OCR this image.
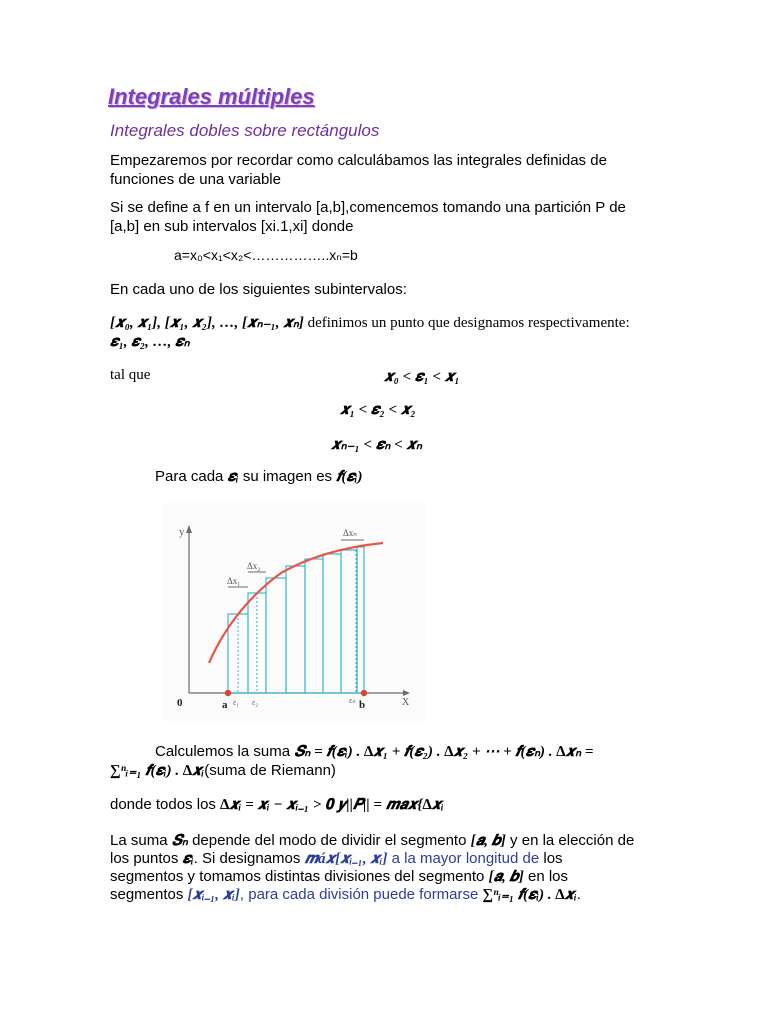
Integrales múltiples
Integrales dobles sobre rectángulos
Empezaremos por recordar como calculábamos las integrales definidas de
funciones de una variable
Si se define a f en un intervalo [a,b],comencemos tomando una partición P de
[a,b] en sub intervalos [xi.1,xi] donde
a=x₀<x₁<x₂<……………..xₙ=b
En cada uno de los siguientes subintervalos:
[𝒙₀, 𝒙₁], [𝒙₁, 𝒙₂], …, [𝒙ₙ₋₁, 𝒙ₙ] definimos un punto que designamos respectivamente:
𝜺₁, 𝜺₂, …, 𝜺ₙ
tal que	𝒙₀ < 𝜺₁ < 𝒙₁
𝒙₁ < 𝜺₂ < 𝒙₂
𝒙ₙ₋₁ < 𝜺ₙ < 𝒙ₙ
Para cada 𝜺ᵢ su imagen es 𝒇(𝜺ᵢ)
y
X
0	a	b
ε₁ ε₂	εₙ
Δx₁
Δx₂
Δxₙ
Calculemos la suma 𝑺ₙ = 𝒇(𝜺ᵢ) . ∆𝒙₁ + 𝒇(𝜺₂) . ∆𝒙₂ + ⋯ + 𝒇(𝜺ₙ) . ∆𝒙ₙ =
∑ⁿᵢ₌₁ 𝒇(𝜺ᵢ) . ∆𝒙ᵢ(suma de Riemann)
donde todos los ∆𝒙ᵢ = 𝒙ᵢ − 𝒙ᵢ₋₁ > 𝟎 𝒚||𝑷|| = 𝒎𝒂𝒙{∆𝒙ᵢ
La suma 𝑺ₙ depende del modo de dividir el segmento [𝒂, 𝒃] y en la elección de
los puntos 𝜺ᵢ. Si designamos 𝒎á𝒙[𝒙ᵢ₋₁, 𝒙ᵢ] a la mayor longitud de los
segmentos y tomamos distintas divisiones del segmento [𝒂, 𝒃] en los
segmentos [𝒙ᵢ₋₁, 𝒙ᵢ], para cada división puede formarse ∑ⁿᵢ₌₁ 𝒇(𝜺ᵢ) . ∆𝒙ᵢ.
